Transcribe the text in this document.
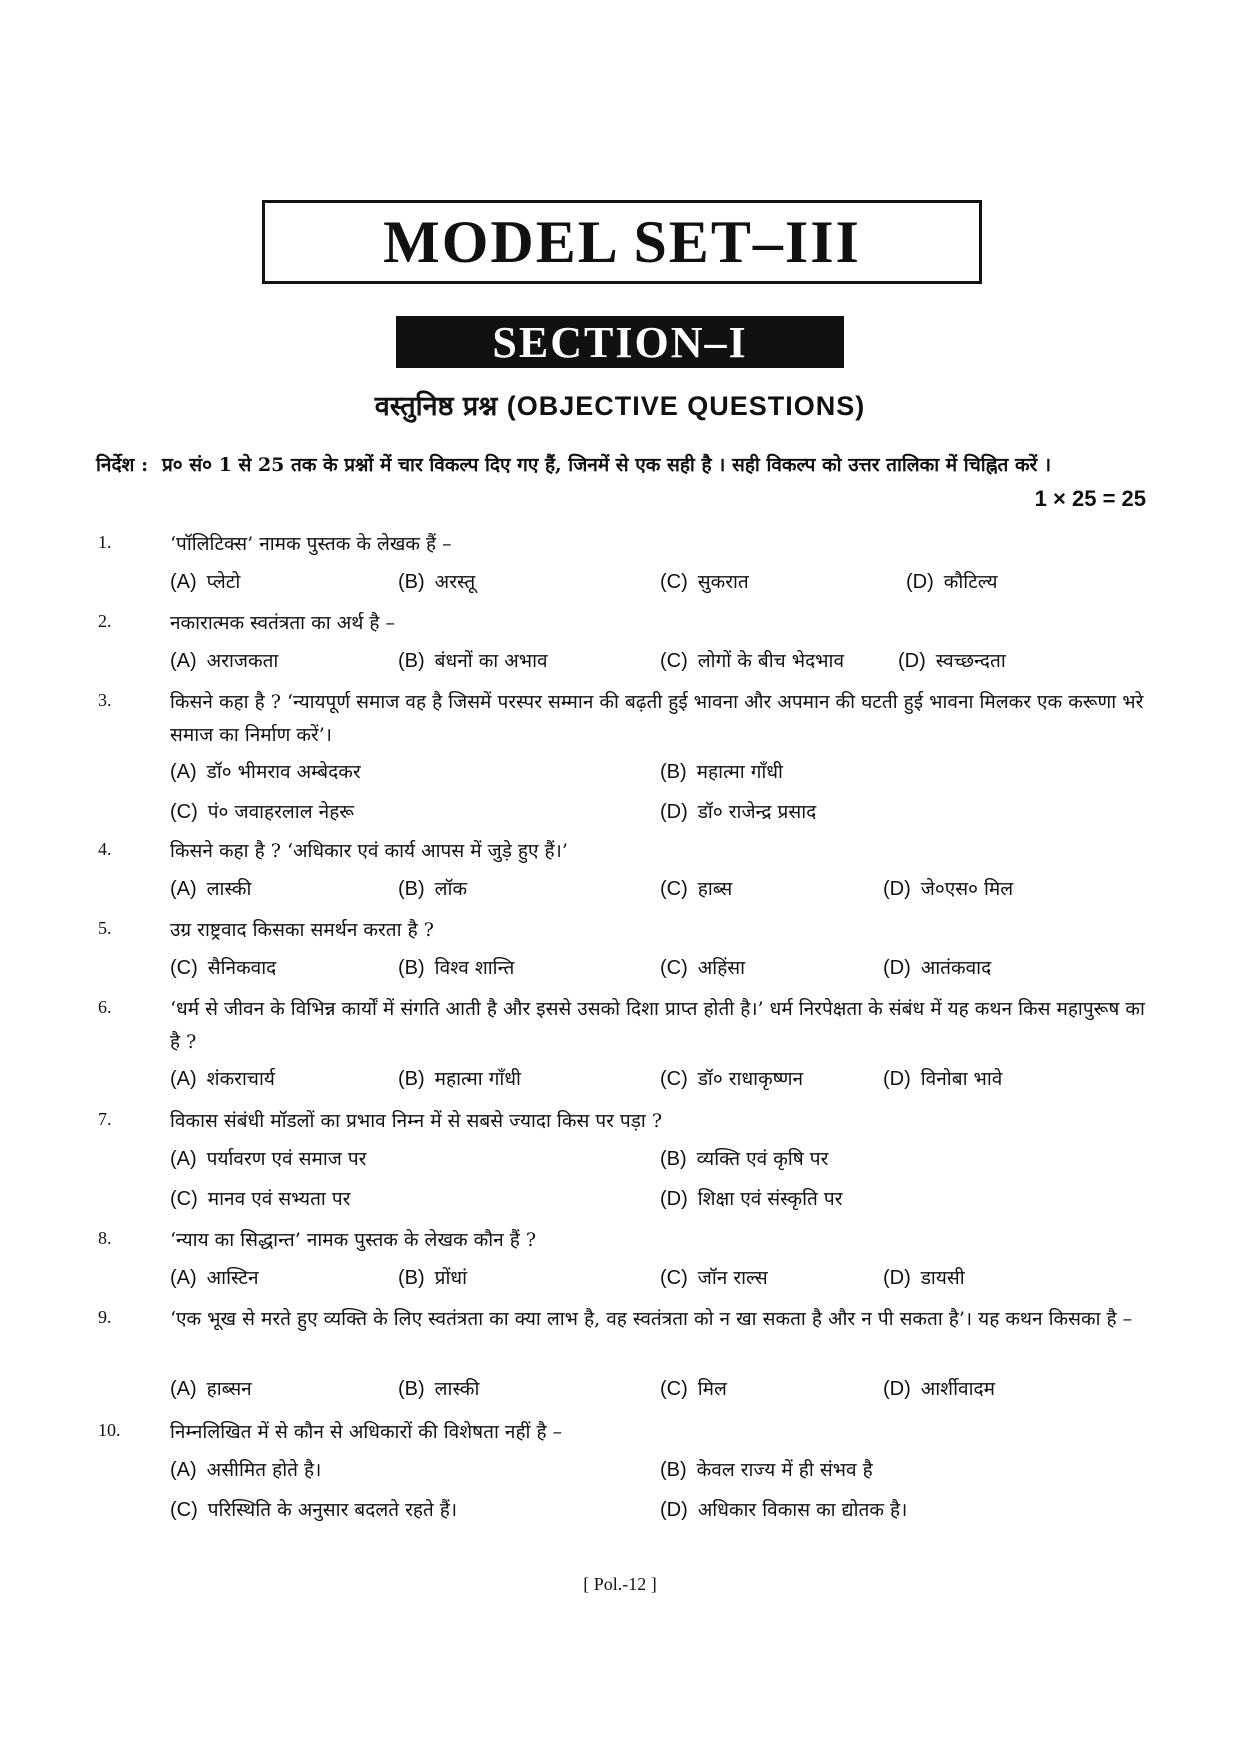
MODEL SET–III
SECTION–I
वस्तुनिष्ठ प्रश्न (OBJECTIVE QUESTIONS)
निर्देश : प्र० सं० 1 से 25 तक के प्रश्नों में चार विकल्प दिए गए हैं, जिनमें से एक सही है । सही विकल्प को उत्तर तालिका में चिह्नित करें ।
1 × 25 = 25
1.	‘पॉलिटिक्स’ नामक पुस्तक के लेखक हैं –
(A) प्लेटो	(B) अरस्तू	(C) सुकरात	(D) कौटिल्य
2.	नकारात्मक स्वतंत्रता का अर्थ है –
(A) अराजकता	(B) बंधनों का अभाव	(C) लोगों के बीच भेदभाव	(D) स्वच्छन्दता
3.	किसने कहा है ? ‘न्यायपूर्ण समाज वह है जिसमें परस्पर सम्मान की बढ़ती हुई भावना और अपमान की घटती हुई भावना मिलकर एक करूणा भरे समाज का निर्माण करें’।
(A) डॉ० भीमराव अम्बेदकर	(B) महात्मा गाँधी
(C) पं० जवाहरलाल नेहरू	(D) डॉ० राजेन्द्र प्रसाद
4.	किसने कहा है ? ‘अधिकार एवं कार्य आपस में जुड़े हुए हैं।’
(A) लास्की	(B) लॉक	(C) हाब्स	(D) जे०एस० मिल
5.	उग्र राष्ट्रवाद किसका समर्थन करता है ?
(C) सैनिकवाद	(B) विश्व शान्ति	(C) अहिंसा	(D) आतंकवाद
6.	‘धर्म से जीवन के विभिन्न कार्यों में संगति आती है और इससे उसको दिशा प्राप्त होती है।’ धर्म निरपेक्षता के संबंध में यह कथन किस महापुरूष का है ?
(A) शंकराचार्य	(B) महात्मा गाँधी	(C) डॉ० राधाकृष्णन	(D) विनोबा भावे
7.	विकास संबंधी मॉडलों का प्रभाव निम्न में से सबसे ज्यादा किस पर पड़ा ?
(A) पर्यावरण एवं समाज पर	(B) व्यक्ति एवं कृषि पर
(C) मानव एवं सभ्यता पर	(D) शिक्षा एवं संस्कृति पर
8.	‘न्याय का सिद्धान्त’ नामक पुस्तक के लेखक कौन हैं ?
(A) आस्टिन	(B) प्रोंधां	(C) जॉन राल्स	(D) डायसी
9.	‘एक भूख से मरते हुए व्यक्ति के लिए स्वतंत्रता का क्या लाभ है, वह स्वतंत्रता को न खा सकता है और न पी सकता है’। यह कथन किसका है –
(A) हाब्सन	(B) लास्की	(C) मिल	(D) आर्शीवादम
10.	निम्नलिखित में से कौन से अधिकारों की विशेषता नहीं है –
(A) असीमित होते है।	(B) केवल राज्य में ही संभव है
(C) परिस्थिति के अनुसार बदलते रहते हैं।	(D) अधिकार विकास का द्योतक है।
[ Pol.-12 ]
